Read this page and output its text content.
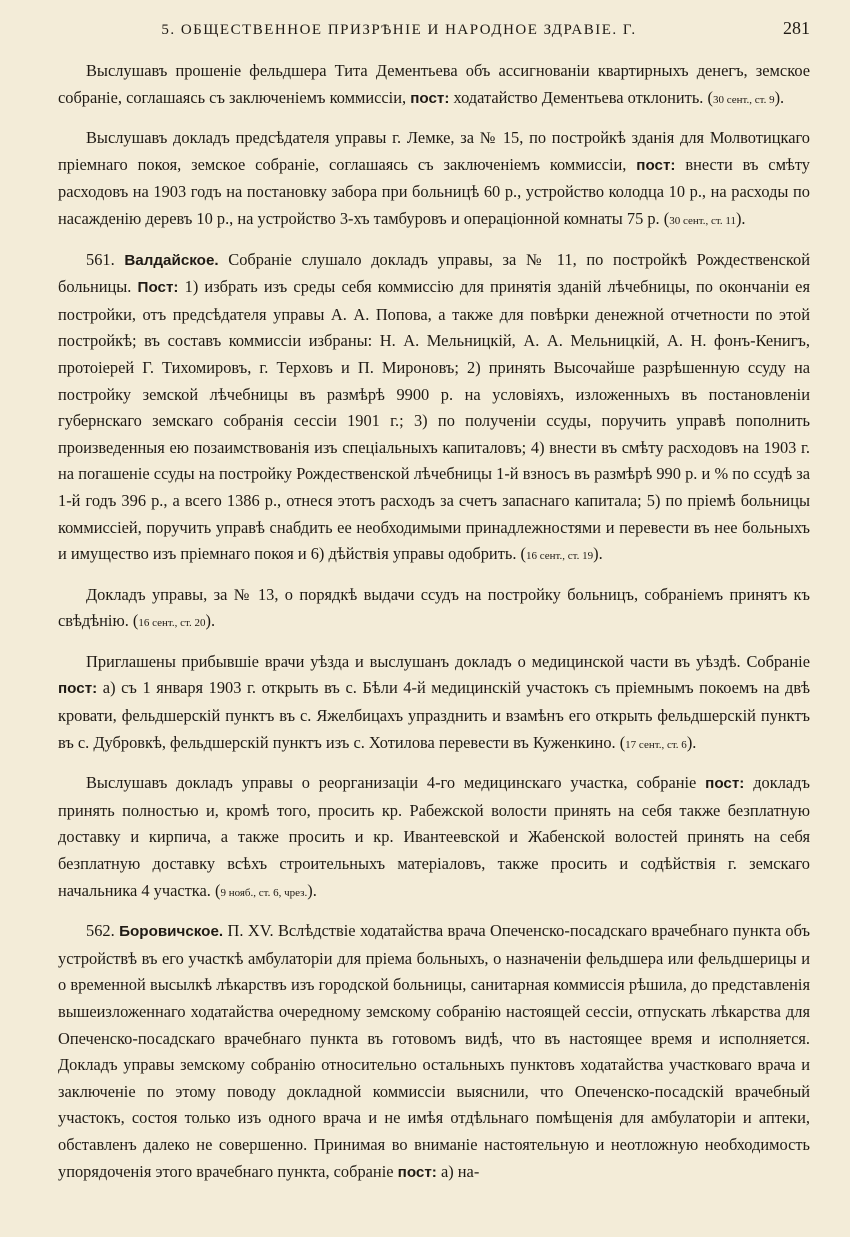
5. ОБЩЕСТВЕННОЕ ПРИЗРѢНІЕ И НАРОДНОЕ ЗДРАВІЕ. Г.	281

Выслушавъ прошеніе фельдшера Тита Дементьева объ ассигнованіи квартирныхъ денегъ, земское собраніе, соглашаясь съ заключеніемъ коммиссіи, пост: ходатайство Дементьева отклонить. (30 сент., ст. 9).

Выслушавъ докладъ предсѣдателя управы г. Лемке, за № 15, по постройкѣ зданія для Молвотицкаго пріемнаго покоя, земское собраніе, соглашаясь съ заключеніемъ коммиссіи, пост: внести въ смѣту расходовъ на 1903 годъ на постановку забора при больницѣ 60 р., устройство колодца 10 р., на расходы по насажденію деревъ 10 р., на устройство 3-хъ тамбуровъ и операціонной комнаты 75 р. (30 сент., ст. 11).

561. Валдайское. Собраніе слушало докладъ управы, за № 11, по постройкѣ Рождественской больницы. Пост: 1) избрать изъ среды себя коммиссію для принятія зданій лѣчебницы, по окончаніи ея постройки, отъ предсѣдателя управы А. А. Попова, а также для повѣрки денежной отчетности по этой постройкѣ; въ составъ коммиссіи избраны: Н. А. Мельницкій, А. А. Мельницкій, А. Н. фонъ-Кенигъ, протоіерей Г. Тихомировъ, г. Терховъ и П. Мироновъ; 2) принять Высочайше разрѣшенную ссуду на постройку земской лѣчебницы въ размѣрѣ 9900 р. на условіяхъ, изложенныхъ въ постановленіи губернскаго земскаго собранія сессіи 1901 г.; 3) по полученіи ссуды, поручить управѣ пополнить произведенныя ею позаимствованія изъ спеціальныхъ капиталовъ; 4) внести въ смѣту расходовъ на 1903 г. на погашеніе ссуды на постройку Рождественской лѣчебницы 1-й взносъ въ размѣрѣ 990 р. и % по ссудѣ за 1-й годъ 396 р., а всего 1386 р., отнеся этотъ расходъ за счетъ запаснаго капитала; 5) по пріемѣ больницы коммиссіей, поручить управѣ снабдить ее необходимыми принадлежностями и перевести въ нее больныхъ и имущество изъ пріемнаго покоя и 6) дѣйствія управы одобрить. (16 сент., ст. 19).

Докладъ управы, за № 13, о порядкѣ выдачи ссудъ на постройку больницъ, собраніемъ принятъ къ свѣдѣнію. (16 сент., ст. 20).

Приглашены прибывшіе врачи уѣзда и выслушанъ докладъ о медицинской части въ уѣздѣ. Собраніе пост: а) съ 1 января 1903 г. открыть въ с. Бѣли 4-й медицинскій участокъ съ пріемнымъ покоемъ на двѣ кровати, фельдшерскій пунктъ въ с. Яжелбицахъ упразднить и взамѣнъ его открыть фельдшерскій пунктъ въ с. Дубровкѣ, фельдшерскій пунктъ изъ с. Хотилова перевести въ Куженкино. (17 сент., ст. 6).

Выслушавъ докладъ управы о реорганизаціи 4-го медицинскаго участка, собраніе пост: докладъ принять полностью и, кромѣ того, просить кр. Рабежской волости принять на себя также безплатную доставку и кирпича, а также просить и кр. Ивантеевской и Жабенской волостей принять на себя безплатную доставку всѣхъ строительныхъ матеріаловъ, также просить и содѣйствія г. земскаго начальника 4 участка. (9 нояб., ст. 6, чрез.).

562. Боровичское. П. XV. Вслѣдствіе ходатайства врача Опеченско-посадскаго врачебнаго пункта объ устройствѣ въ его участкѣ амбулаторіи для пріема больныхъ, о назначеніи фельдшера или фельдшерицы и о временной высылкѣ лѣкарствъ изъ городской больницы, санитарная коммиссія рѣшила, до представленія вышеизложеннаго ходатайства очередному земскому собранію настоящей сессіи, отпускать лѣкарства для Опеченско-посадскаго врачебнаго пункта въ готовомъ видѣ, что въ настоящее время и исполняется. Докладъ управы земскому собранію относительно остальныхъ пунктовъ ходатайства участковаго врача и заключеніе по этому поводу докладной коммиссіи выяснили, что Опеченско-посадскій врачебный участокъ, состоя только изъ одного врача и не имѣя отдѣльнаго помѣщенія для амбулаторіи и аптеки, обставленъ далеко не совершенно. Принимая во вниманіе настоятельную и неотложную необходимость упорядоченія этого врачебнаго пункта, собраніе пост: а) на-
